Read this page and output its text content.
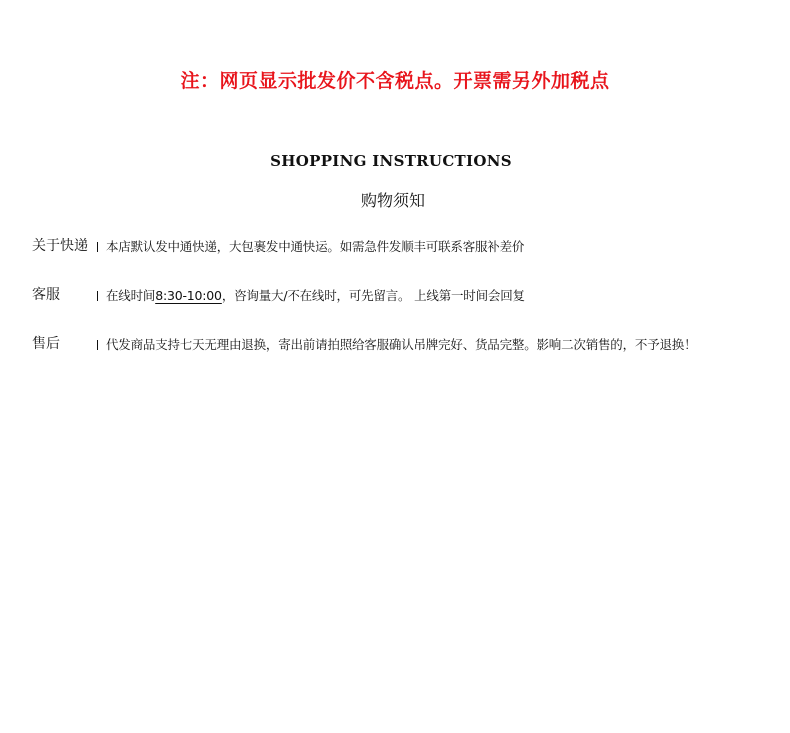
注：网页显示批发价不含税点。开票需另外加税点
SHOPPING INSTRUCTIONS
购物须知
关于快递 本店默认发中通快递，大包裹发中通快运。如需急件发顺丰可联系客服补差价
客服	在线时间8:30-10:00，咨询量大/不在线时，可先留言。 上线第一时间会回复
售后	代发商品支持七天无理由退换，寄出前请拍照给客服确认吊牌完好、货品完整。影响二次销售的，不予退换！
